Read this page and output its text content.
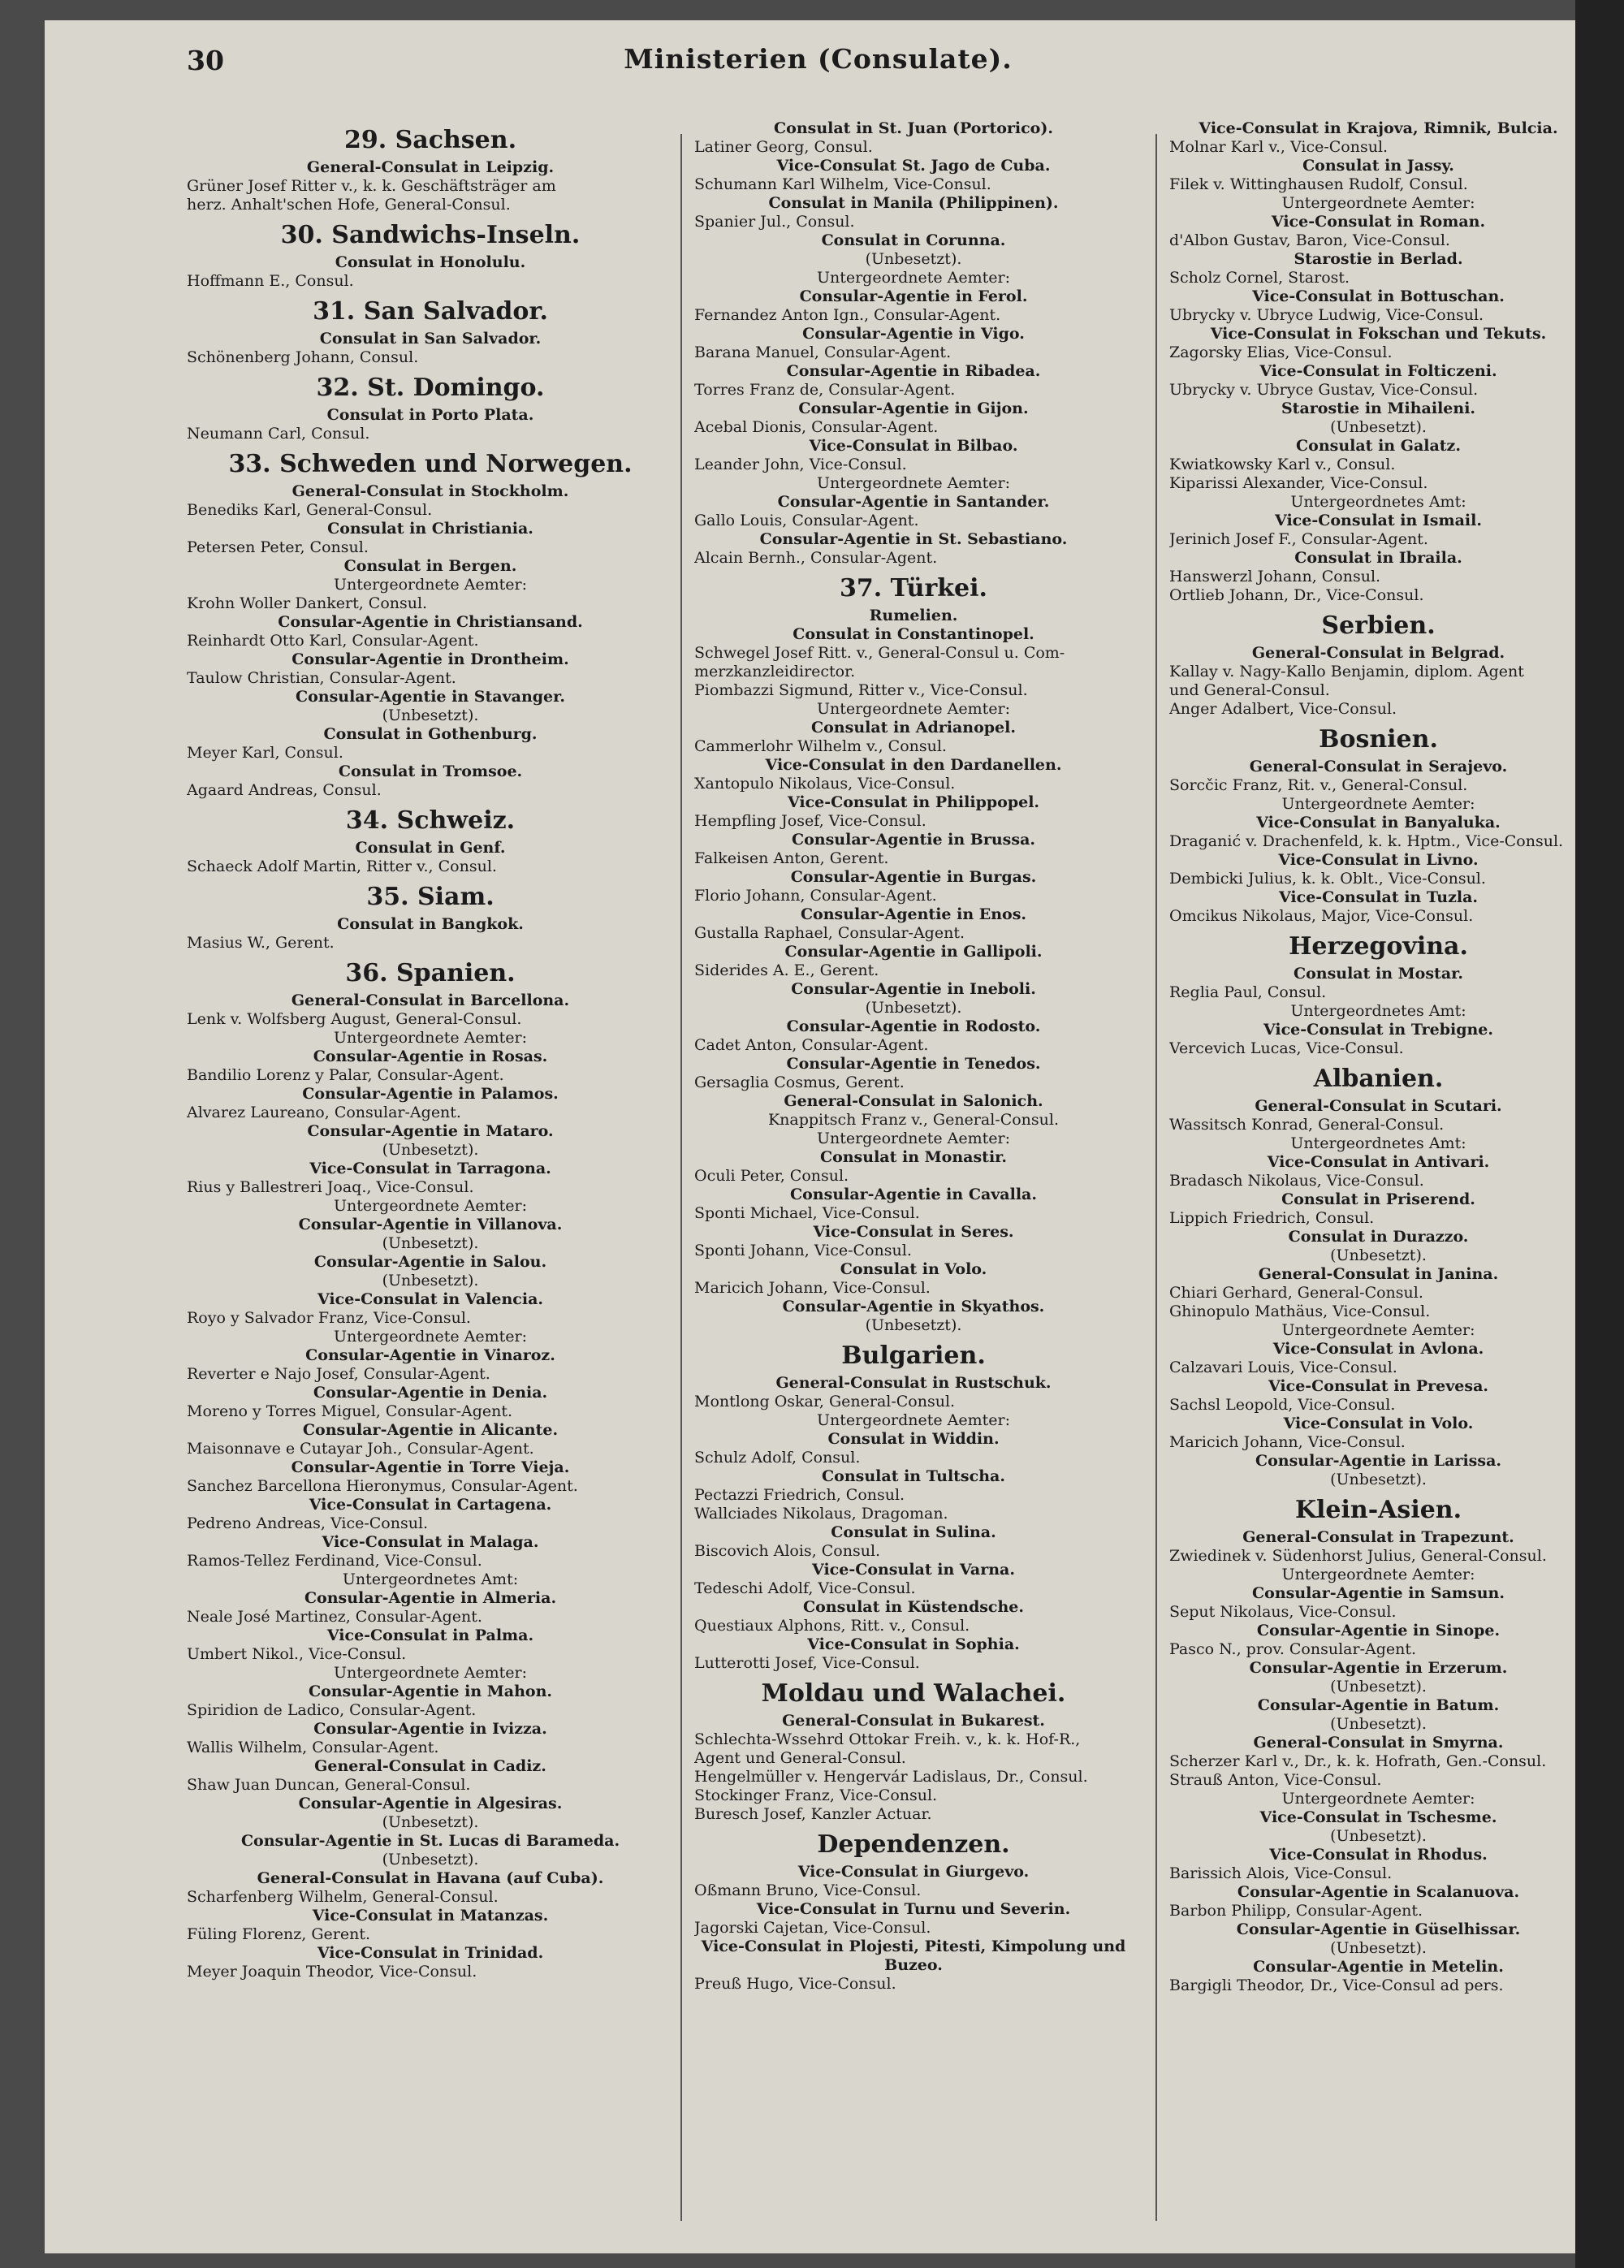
30	Ministerien (Consulate).
29. Sachsen.
General-Consulat in Leipzig.
Grüner Josef Ritter v., k. k. Geschäftsträger am
herz. Anhalt'schen Hofe, General-Consul.
30. Sandwichs-Inseln.
Consulat in Honolulu.
Hoffmann E., Consul.
31. San Salvador.
Consulat in San Salvador.
Schönenberg Johann, Consul.
32. St. Domingo.
Consulat in Porto Plata.
Neumann Carl, Consul.
33. Schweden und Norwegen.
General-Consulat in Stockholm.
Benediks Karl, General-Consul.
Consulat in Christiania.
Petersen Peter, Consul.
Consulat in Bergen.
Untergeordnete Aemter:
Krohn Woller Dankert, Consul.
Consular-Agentie in Christiansand.
Reinhardt Otto Karl, Consular-Agent.
Consular-Agentie in Drontheim.
Taulow Christian, Consular-Agent.
Consular-Agentie in Stavanger.
(Unbesetzt).
Consulat in Gothenburg.
Meyer Karl, Consul.
Consulat in Tromsoe.
Agaard Andreas, Consul.
34. Schweiz.
Consulat in Genf.
Schaeck Adolf Martin, Ritter v., Consul.
35. Siam.
Consulat in Bangkok.
Masius W., Gerent.
36. Spanien.
General-Consulat in Barcellona.
Lenk v. Wolfsberg August, General-Consul.
Untergeordnete Aemter:
Consular-Agentie in Rosas.
Bandilio Lorenz y Palar, Consular-Agent.
Consular-Agentie in Palamos.
Alvarez Laureano, Consular-Agent.
Consular-Agentie in Mataro.
(Unbesetzt).
Vice-Consulat in Tarragona.
Rius y Ballestreri Joaq., Vice-Consul.
Untergeordnete Aemter:
Consular-Agentie in Villanova.
(Unbesetzt).
Consular-Agentie in Salou.
(Unbesetzt).
Vice-Consulat in Valencia.
Royo y Salvador Franz, Vice-Consul.
Untergeordnete Aemter:
Consular-Agentie in Vinaroz.
Reverter e Najo Josef, Consular-Agent.
Consular-Agentie in Denia.
Moreno y Torres Miguel, Consular-Agent.
Consular-Agentie in Alicante.
Maisonnave e Cutayar Joh., Consular-Agent.
Consular-Agentie in Torre Vieja.
Sanchez Barcellona Hieronymus, Consular-Agent.
Vice-Consulat in Cartagena.
Pedreno Andreas, Vice-Consul.
Vice-Consulat in Malaga.
Ramos-Tellez Ferdinand, Vice-Consul.
Untergeordnetes Amt:
Consular-Agentie in Almeria.
Neale José Martinez, Consular-Agent.
Vice-Consulat in Palma.
Umbert Nikol., Vice-Consul.
Untergeordnete Aemter:
Consular-Agentie in Mahon.
Spiridion de Ladico, Consular-Agent.
Consular-Agentie in Ivizza.
Wallis Wilhelm, Consular-Agent.
General-Consulat in Cadiz.
Shaw Juan Duncan, General-Consul.
Consular-Agentie in Algesiras.
(Unbesetzt).
Consular-Agentie in St. Lucas di Barameda.
(Unbesetzt).
General-Consulat in Havana (auf Cuba).
Scharfenberg Wilhelm, General-Consul.
Vice-Consulat in Matanzas.
Füling Florenz, Gerent.
Vice-Consulat in Trinidad.
Meyer Joaquin Theodor, Vice-Consul.
Consulat in St. Juan (Portorico).
Latiner Georg, Consul.
Vice-Consulat St. Jago de Cuba.
Schumann Karl Wilhelm, Vice-Consul.
Consulat in Manila (Philippinen).
Spanier Jul., Consul.
Consulat in Corunna.
(Unbesetzt).
Untergeordnete Aemter:
Consular-Agentie in Ferol.
Fernandez Anton Ign., Consular-Agent.
Consular-Agentie in Vigo.
Barana Manuel, Consular-Agent.
Consular-Agentie in Ribadea.
Torres Franz de, Consular-Agent.
Consular-Agentie in Gijon.
Acebal Dionis, Consular-Agent.
Vice-Consulat in Bilbao.
Leander John, Vice-Consul.
Untergeordnete Aemter:
Consular-Agentie in Santander.
Gallo Louis, Consular-Agent.
Consular-Agentie in St. Sebastiano.
Alcain Bernh., Consular-Agent.
37. Türkei.
Rumelien.
Consulat in Constantinopel.
Schwegel Josef Ritt. v., General-Consul u. Com-
merzkanzleidirector.
Piombazzi Sigmund, Ritter v., Vice-Consul.
Untergeordnete Aemter:
Consulat in Adrianopel.
Cammerlohr Wilhelm v., Consul.
Vice-Consulat in den Dardanellen.
Xantopulo Nikolaus, Vice-Consul.
Vice-Consulat in Philippopel.
Hempfling Josef, Vice-Consul.
Consular-Agentie in Brussa.
Falkeisen Anton, Gerent.
Consular-Agentie in Burgas.
Florio Johann, Consular-Agent.
Consular-Agentie in Enos.
Gustalla Raphael, Consular-Agent.
Consular-Agentie in Gallipoli.
Siderides A. E., Gerent.
Consular-Agentie in Ineboli.
(Unbesetzt).
Consular-Agentie in Rodosto.
Cadet Anton, Consular-Agent.
Consular-Agentie in Tenedos.
Gersaglia Cosmus, Gerent.
General-Consulat in Salonich.
Knappitsch Franz v., General-Consul.
Untergeordnete Aemter:
Consulat in Monastir.
Oculi Peter, Consul.
Consular-Agentie in Cavalla.
Sponti Michael, Vice-Consul.
Vice-Consulat in Seres.
Sponti Johann, Vice-Consul.
Consulat in Volo.
Maricich Johann, Vice-Consul.
Consular-Agentie in Skyathos.
(Unbesetzt).
Bulgarien.
General-Consulat in Rustschuk.
Montlong Oskar, General-Consul.
Untergeordnete Aemter:
Consulat in Widdin.
Schulz Adolf, Consul.
Consulat in Tultscha.
Pectazzi Friedrich, Consul.
Wallciades Nikolaus, Dragoman.
Consulat in Sulina.
Biscovich Alois, Consul.
Vice-Consulat in Varna.
Tedeschi Adolf, Vice-Consul.
Consulat in Küstendsche.
Questiaux Alphons, Ritt. v., Consul.
Vice-Consulat in Sophia.
Lutterotti Josef, Vice-Consul.
Moldau und Walachei.
General-Consulat in Bukarest.
Schlechta-Wssehrd Ottokar Freih. v., k. k. Hof-R.,
Agent und General-Consul.
Hengelmüller v. Hengervár Ladislaus, Dr., Consul.
Stockinger Franz, Vice-Consul.
Buresch Josef, Kanzler Actuar.
Dependenzen.
Vice-Consulat in Giurgevo.
Oßmann Bruno, Vice-Consul.
Vice-Consulat in Turnu und Severin.
Jagorski Cajetan, Vice-Consul.
Vice-Consulat in Plojesti, Pitesti, Kimpolung und
Buzeo.
Preuß Hugo, Vice-Consul.
Vice-Consulat in Krajova, Rimnik, Bulcia.
Molnar Karl v., Vice-Consul.
Consulat in Jassy.
Filek v. Wittinghausen Rudolf, Consul.
Untergeordnete Aemter:
Vice-Consulat in Roman.
d'Albon Gustav, Baron, Vice-Consul.
Starostie in Berlad.
Scholz Cornel, Starost.
Vice-Consulat in Bottuschan.
Ubrycky v. Ubryce Ludwig, Vice-Consul.
Vice-Consulat in Fokschan und Tekuts.
Zagorsky Elias, Vice-Consul.
Vice-Consulat in Folticzeni.
Ubrycky v. Ubryce Gustav, Vice-Consul.
Starostie in Mihaileni.
(Unbesetzt).
Consulat in Galatz.
Kwiatkowsky Karl v., Consul.
Kiparissi Alexander, Vice-Consul.
Untergeordnetes Amt:
Vice-Consulat in Ismail.
Jerinich Josef F., Consular-Agent.
Consulat in Ibraila.
Hanswerzl Johann, Consul.
Ortlieb Johann, Dr., Vice-Consul.
Serbien.
General-Consulat in Belgrad.
Kallay v. Nagy-Kallo Benjamin, diplom. Agent
und General-Consul.
Anger Adalbert, Vice-Consul.
Bosnien.
General-Consulat in Serajevo.
Sorcčic Franz, Rit. v., General-Consul.
Untergeordnete Aemter:
Vice-Consulat in Banyaluka.
Draganić v. Drachenfeld, k. k. Hptm., Vice-Consul.
Vice-Consulat in Livno.
Dembicki Julius, k. k. Oblt., Vice-Consul.
Vice-Consulat in Tuzla.
Omcikus Nikolaus, Major, Vice-Consul.
Herzegovina.
Consulat in Mostar.
Reglia Paul, Consul.
Untergeordnetes Amt:
Vice-Consulat in Trebigne.
Vercevich Lucas, Vice-Consul.
Albanien.
General-Consulat in Scutari.
Wassitsch Konrad, General-Consul.
Untergeordnetes Amt:
Vice-Consulat in Antivari.
Bradasch Nikolaus, Vice-Consul.
Consulat in Priserend.
Lippich Friedrich, Consul.
Consulat in Durazzo.
(Unbesetzt).
General-Consulat in Janina.
Chiari Gerhard, General-Consul.
Ghinopulo Mathäus, Vice-Consul.
Untergeordnete Aemter:
Vice-Consulat in Avlona.
Calzavari Louis, Vice-Consul.
Vice-Consulat in Prevesa.
Sachsl Leopold, Vice-Consul.
Vice-Consulat in Volo.
Maricich Johann, Vice-Consul.
Consular-Agentie in Larissa.
(Unbesetzt).
Klein-Asien.
General-Consulat in Trapezunt.
Zwiedinek v. Südenhorst Julius, General-Consul.
Untergeordnete Aemter:
Consular-Agentie in Samsun.
Seput Nikolaus, Vice-Consul.
Consular-Agentie in Sinope.
Pasco N., prov. Consular-Agent.
Consular-Agentie in Erzerum.
(Unbesetzt).
Consular-Agentie in Batum.
(Unbesetzt).
General-Consulat in Smyrna.
Scherzer Karl v., Dr., k. k. Hofrath, Gen.-Consul.
Strauß Anton, Vice-Consul.
Untergeordnete Aemter:
Vice-Consulat in Tschesme.
(Unbesetzt).
Vice-Consulat in Rhodus.
Barissich Alois, Vice-Consul.
Consular-Agentie in Scalanuova.
Barbon Philipp, Consular-Agent.
Consular-Agentie in Güselhissar.
(Unbesetzt).
Consular-Agentie in Metelin.
Bargigli Theodor, Dr., Vice-Consul ad pers.
